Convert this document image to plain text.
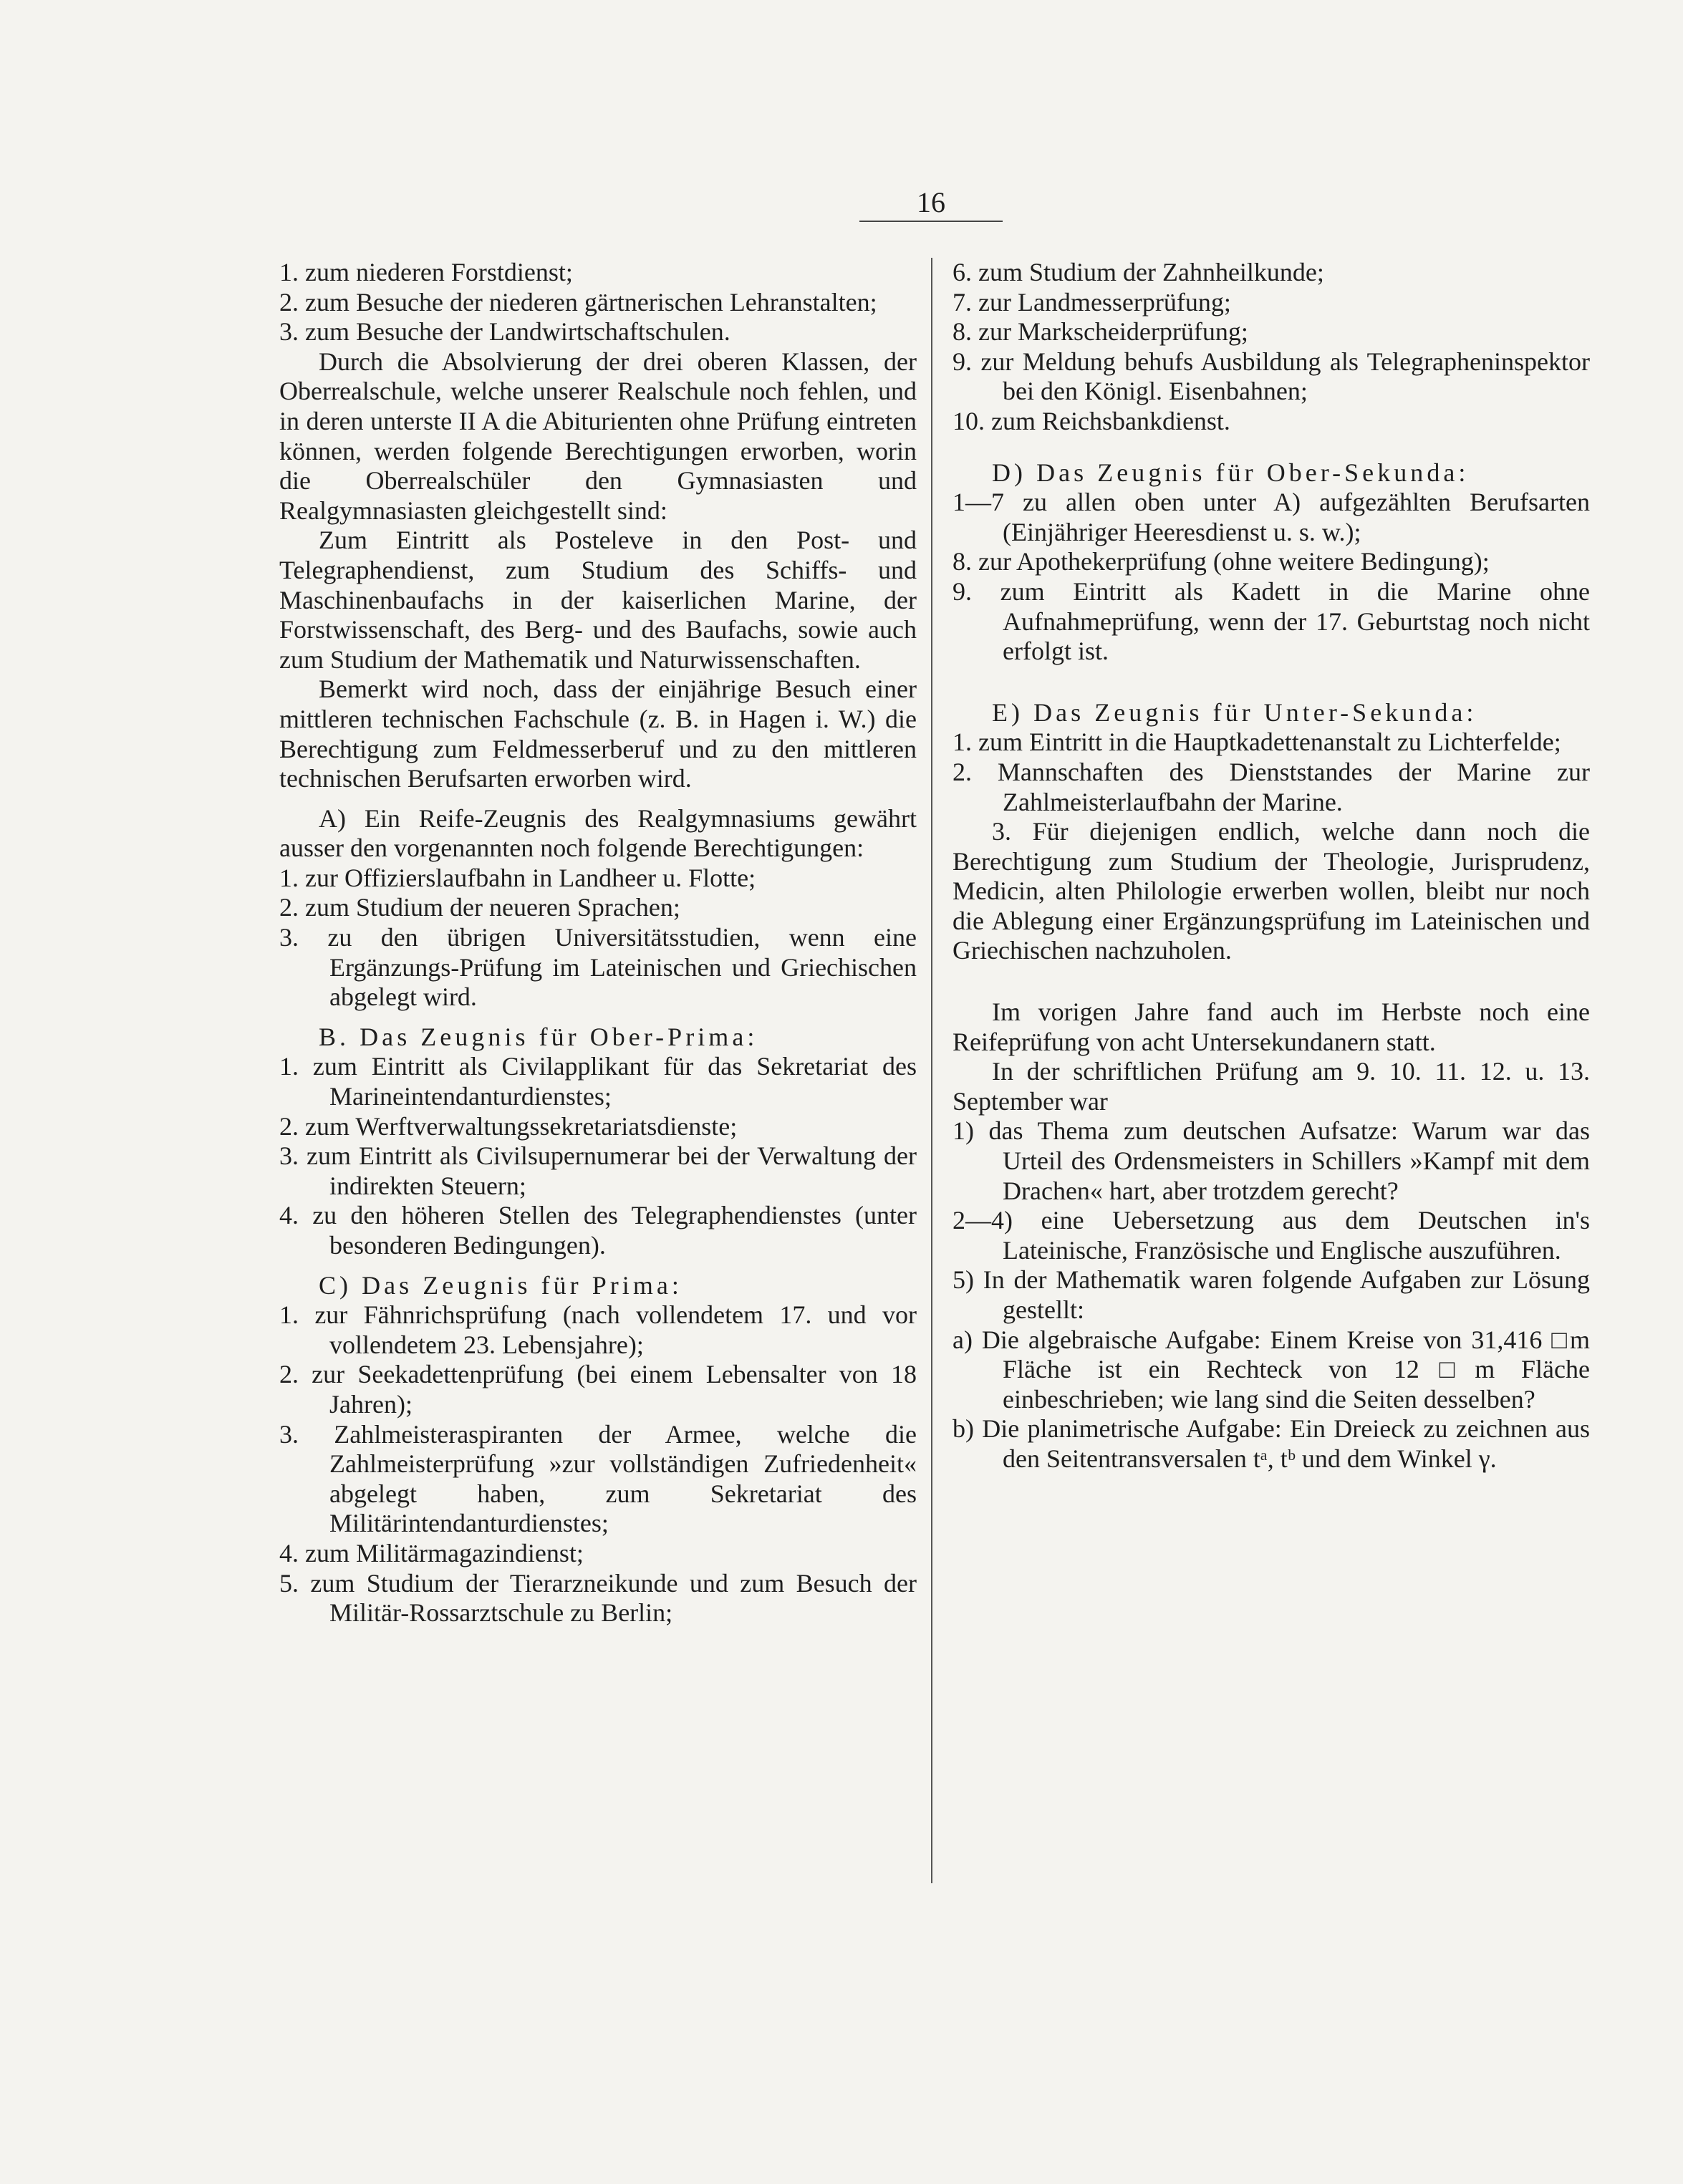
16

1. zum niederen Forstdienst;

2. zum Besuche der niederen gärtnerischen Lehranstalten;

3. zum Besuche der Landwirtschaftschulen.

Durch die Absolvierung der drei oberen Klassen, der Oberrealschule, welche unserer Realschule noch fehlen, und in deren unterste II A die Abiturienten ohne Prüfung eintreten können, werden folgende Berechtigungen erworben, worin die Oberrealschüler den Gymnasiasten und Realgymnasiasten gleichgestellt sind:

Zum Eintritt als Posteleve in den Post- und Telegraphendienst, zum Studium des Schiffs- und Maschinenbaufachs in der kaiserlichen Marine, der Forstwissenschaft, des Berg- und des Baufachs, sowie auch zum Studium der Mathematik und Naturwissenschaften.

Bemerkt wird noch, dass der einjährige Besuch einer mittleren technischen Fachschule (z. B. in Hagen i. W.) die Berechtigung zum Feldmesserberuf und zu den mittleren technischen Berufsarten erworben wird.

A) Ein Reife-Zeugnis des Realgymnasiums gewährt ausser den vorgenannten noch folgende Berechtigungen:

1. zur Offizierslaufbahn in Landheer u. Flotte;

2. zum Studium der neueren Sprachen;

3. zu den übrigen Universitätsstudien, wenn eine Ergänzungs-Prüfung im Lateinischen und Griechischen abgelegt wird.

B. Das Zeugnis für Ober-Prima:

1. zum Eintritt als Civilapplikant für das Sekretariat des Marineintendanturdienstes;

2. zum Werftverwaltungssekretariatsdienste;

3. zum Eintritt als Civilsupernumerar bei der Verwaltung der indirekten Steuern;

4. zu den höheren Stellen des Telegraphendienstes (unter besonderen Bedingungen).

C) Das Zeugnis für Prima:

1. zur Fähnrichsprüfung (nach vollendetem 17. und vor vollendetem 23. Lebensjahre);

2. zur Seekadettenprüfung (bei einem Lebensalter von 18 Jahren);

3. Zahlmeisteraspiranten der Armee, welche die Zahlmeisterprüfung »zur vollständigen Zufriedenheit« abgelegt haben, zum Sekretariat des Militärintendanturdienstes;

4. zum Militärmagazindienst;

5. zum Studium der Tierarzneikunde und zum Besuch der Militär-Rossarztschule zu Berlin;

6. zum Studium der Zahnheilkunde;

7. zur Landmesserprüfung;

8. zur Markscheiderprüfung;

9. zur Meldung behufs Ausbildung als Telegrapheninspektor bei den Königl. Eisenbahnen;

10. zum Reichsbankdienst.

D) Das Zeugnis für Ober-Sekunda:

1—7 zu allen oben unter A) aufgezählten Berufsarten (Einjähriger Heeresdienst u. s. w.);

8. zur Apothekerprüfung (ohne weitere Bedingung);

9. zum Eintritt als Kadett in die Marine ohne Aufnahmeprüfung, wenn der 17. Geburtstag noch nicht erfolgt ist.

E) Das Zeugnis für Unter-Sekunda:

1. zum Eintritt in die Hauptkadettenanstalt zu Lichterfelde;

2. Mannschaften des Dienststandes der Marine zur Zahlmeisterlaufbahn der Marine.

3. Für diejenigen endlich, welche dann noch die Berechtigung zum Studium der Theologie, Jurisprudenz, Medicin, alten Philologie erwerben wollen, bleibt nur noch die Ablegung einer Ergänzungsprüfung im Lateinischen und Griechischen nachzuholen.

Im vorigen Jahre fand auch im Herbste noch eine Reifeprüfung von acht Untersekundanern statt.

In der schriftlichen Prüfung am 9. 10. 11. 12. u. 13. September war

1) das Thema zum deutschen Aufsatze: Warum war das Urteil des Ordensmeisters in Schillers »Kampf mit dem Drachen« hart, aber trotzdem gerecht?

2—4) eine Uebersetzung aus dem Deutschen in's Lateinische, Französische und Englische auszuführen.

5) In der Mathematik waren folgende Aufgaben zur Lösung gestellt:

a) Die algebraische Aufgabe: Einem Kreise von 31,416 □m Fläche ist ein Rechteck von 12□m Fläche einbeschrieben; wie lang sind die Seiten desselben?

b) Die planimetrische Aufgabe: Ein Dreieck zu zeichnen aus den Seitentransversalen tᵃ, tᵇ und dem Winkel γ.
